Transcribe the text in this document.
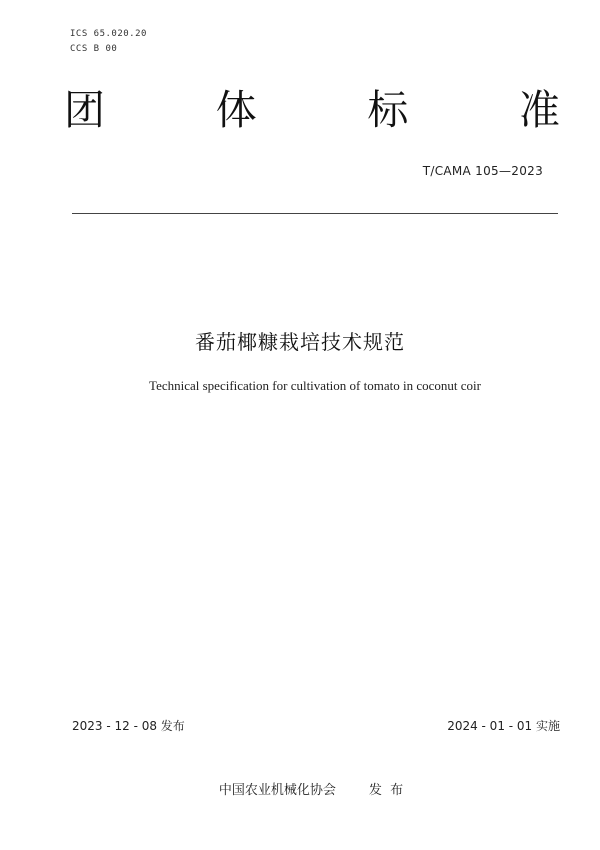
ICS 65.020.20
CCS B 00
团	体	标	准
T/CAMA 105—2023
番茄椰糠栽培技术规范
Technical specification for cultivation of tomato in coconut coir
2023 - 12 - 08 发布	2024 - 01 - 01 实施
中国农业机械化协会	发  布
